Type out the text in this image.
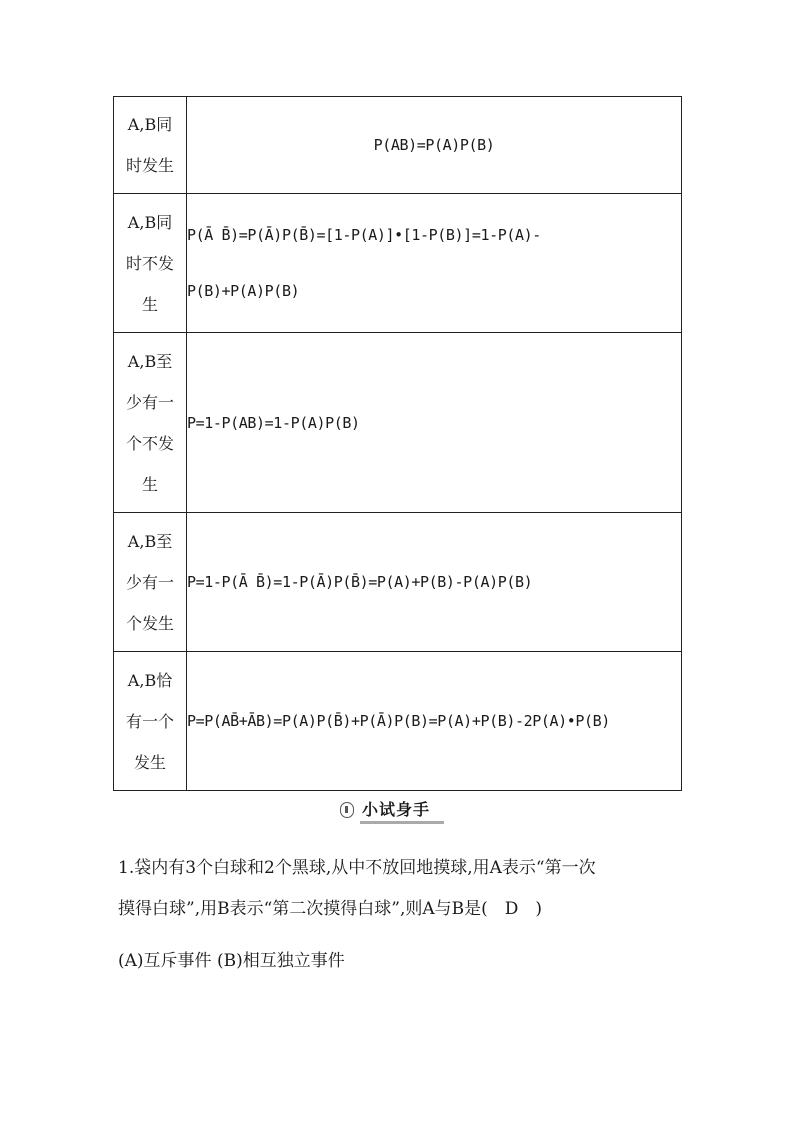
A,B同
时发生	P(AB)=P(A)P(B)

A,B同
时不发
生	P(Ā B̄)=P(Ā)P(B̄)=[1-P(A)]•[1-P(B)]=1-P(A)-
P(B)+P(A)P(B)

A,B至
少有一
个不发
生	P=1-P(AB)=1-P(A)P(B)

A,B至
少有一
个发生	P=1-P(Ā B̄)=1-P(Ā)P(B̄)=P(A)+P(B)-P(A)P(B)

A,B恰
有一个
发生	P=P(AB̄+ĀB)=P(A)P(B̄)+P(Ā)P(B)=P(A)+P(B)-2P(A)•P(B)
小试身手
1.袋内有3个白球和2个黑球,从中不放回地摸球,用A表示“第一次
摸得白球”,用B表示“第二次摸得白球”,则A与B是(　D　)
(A)互斥事件 (B)相互独立事件
